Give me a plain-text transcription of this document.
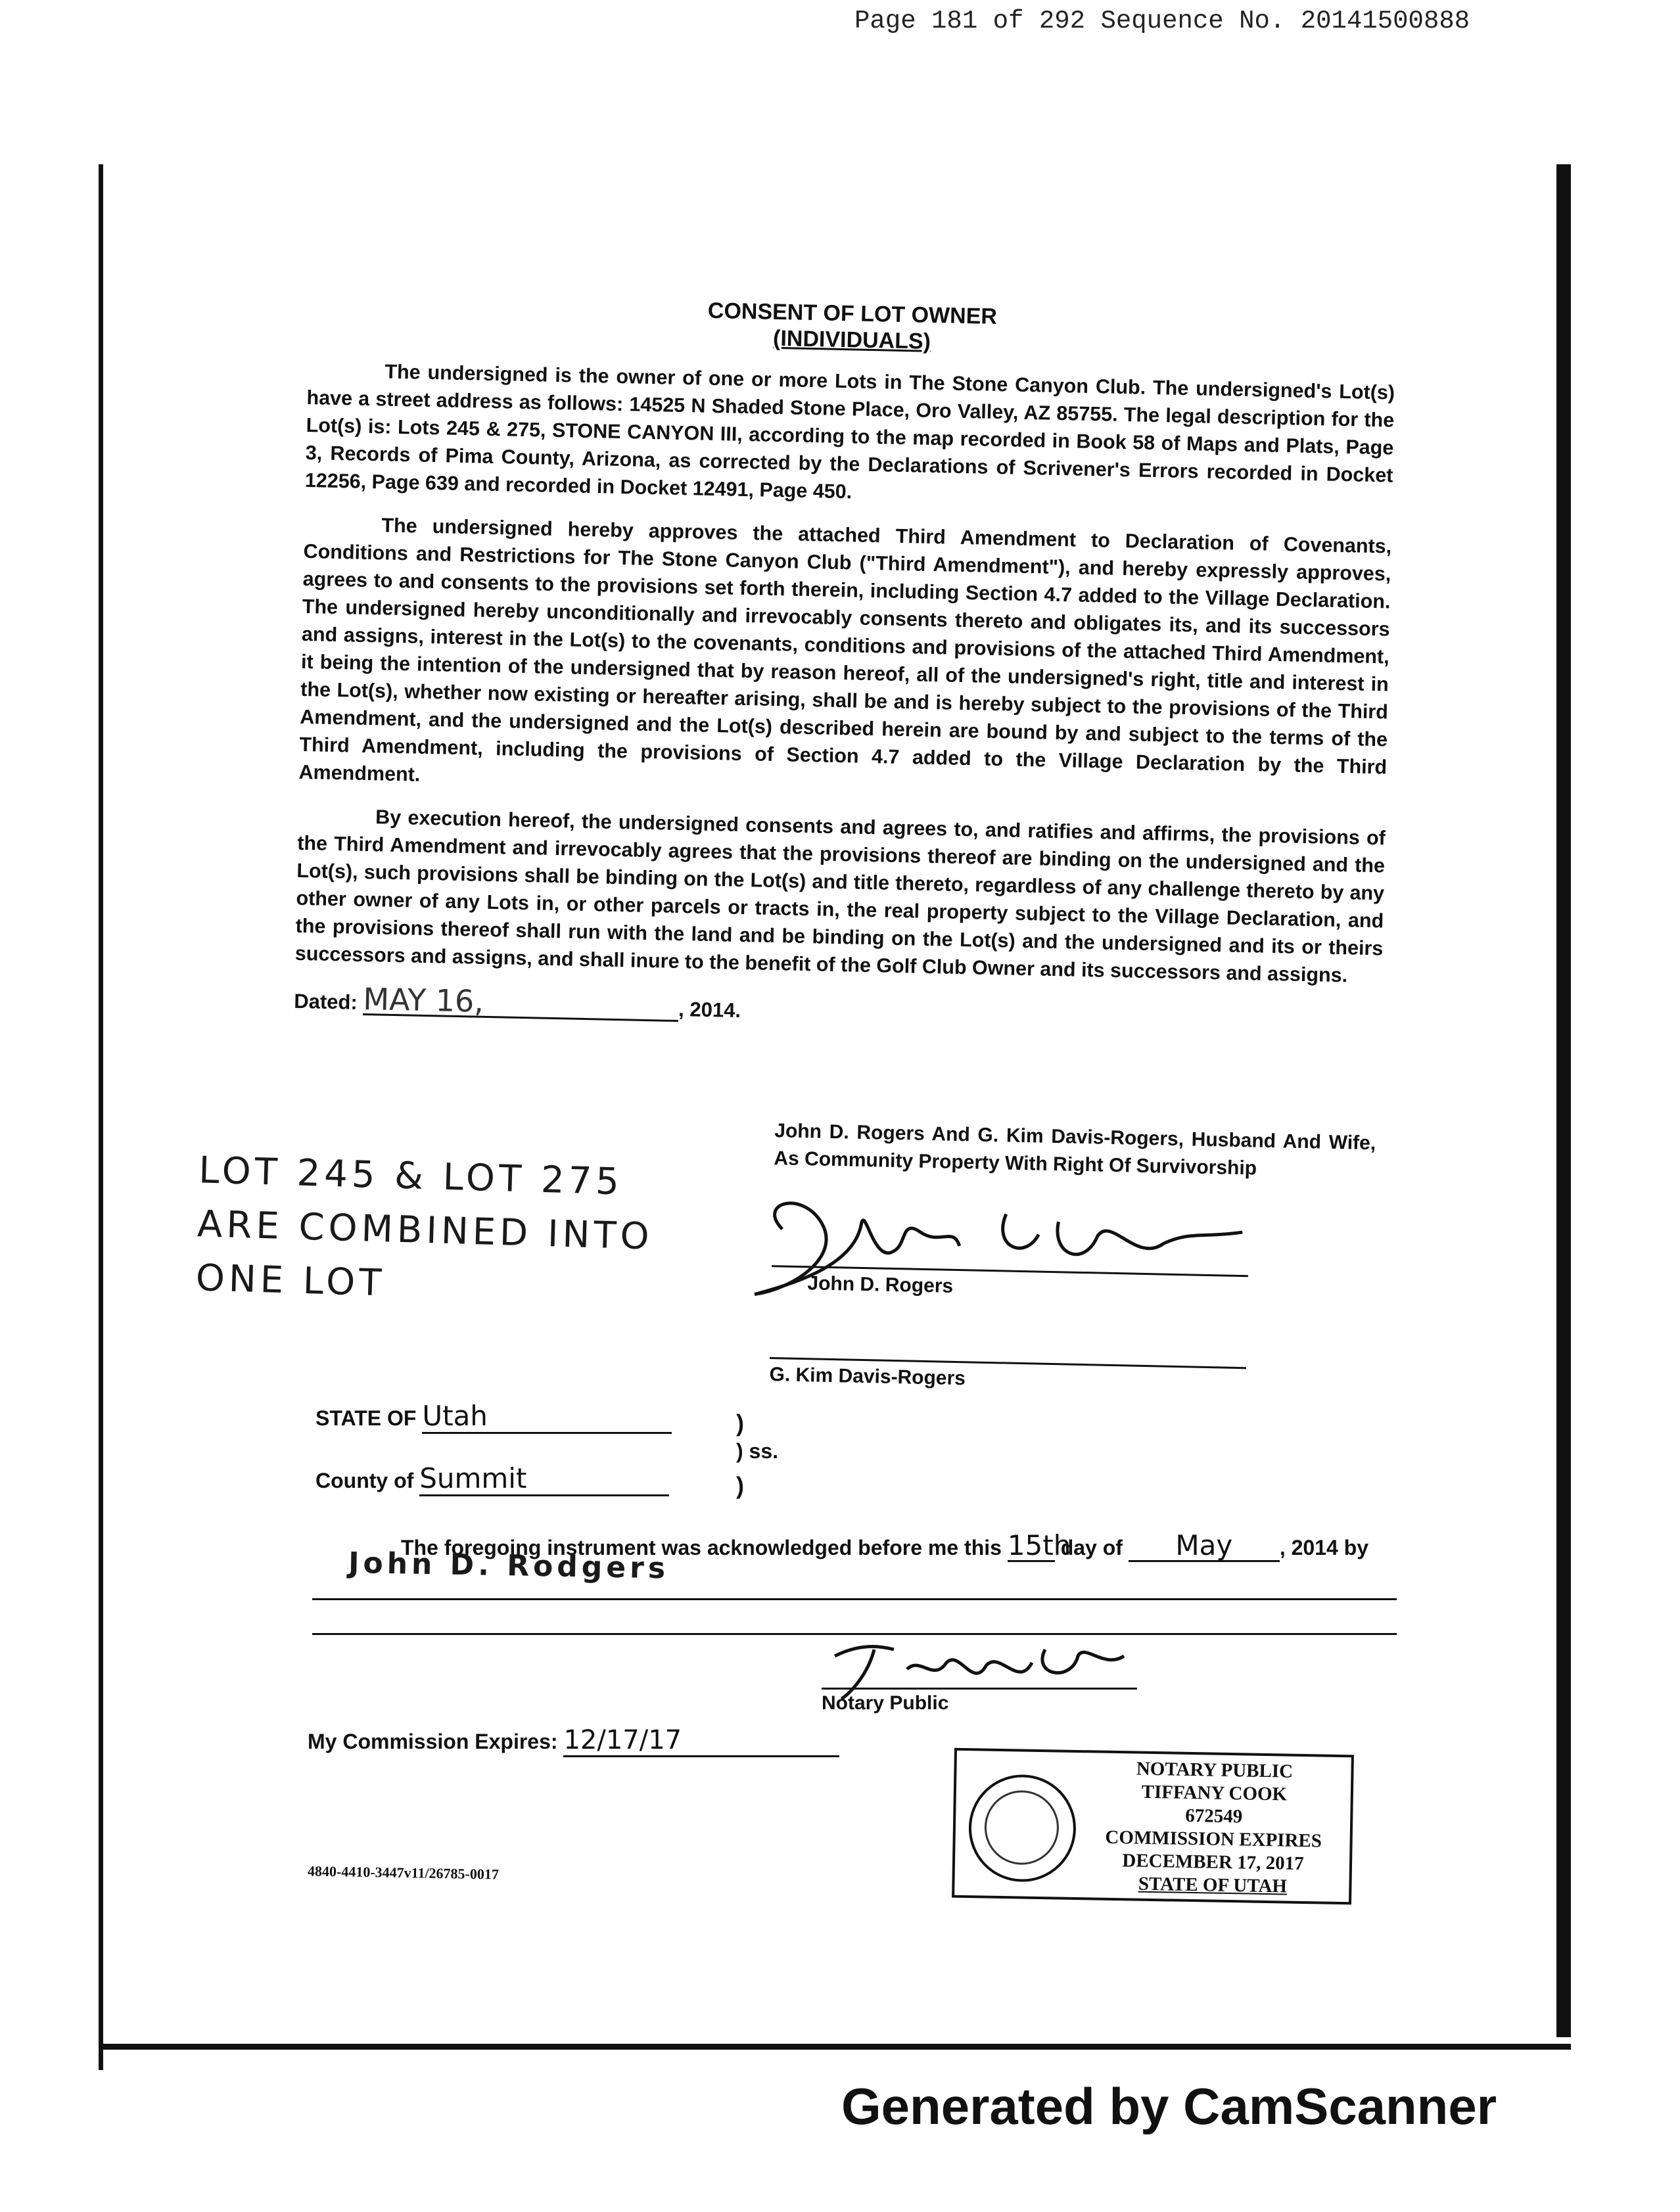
Page 181 of 292 Sequence No. 20141500888
CONSENT OF LOT OWNER
(INDIVIDUALS)

The undersigned is the owner of one or more Lots in The Stone Canyon Club. The undersigned's Lot(s) have a street address as follows: 14525 N Shaded Stone Place, Oro Valley, AZ 85755. The legal description for the Lot(s) is: Lots 245 & 275, STONE CANYON III, according to the map recorded in Book 58 of Maps and Plats, Page 3, Records of Pima County, Arizona, as corrected by the Declarations of Scrivener's Errors recorded in Docket 12256, Page 639 and recorded in Docket 12491, Page 450.

The undersigned hereby approves the attached Third Amendment to Declaration of Covenants, Conditions and Restrictions for The Stone Canyon Club ("Third Amendment"), and hereby expressly approves, agrees to and consents to the provisions set forth therein, including Section 4.7 added to the Village Declaration. The undersigned hereby unconditionally and irrevocably consents thereto and obligates its, and its successors and assigns, interest in the Lot(s) to the covenants, conditions and provisions of the attached Third Amendment, it being the intention of the undersigned that by reason hereof, all of the undersigned's right, title and interest in the Lot(s), whether now existing or hereafter arising, shall be and is hereby subject to the provisions of the Third Amendment, and the undersigned and the Lot(s) described herein are bound by and subject to the terms of the Third Amendment, including the provisions of Section 4.7 added to the Village Declaration by the Third Amendment.

By execution hereof, the undersigned consents and agrees to, and ratifies and affirms, the provisions of the Third Amendment and irrevocably agrees that the provisions thereof are binding on the undersigned and the Lot(s), such provisions shall be binding on the Lot(s) and title thereto, regardless of any challenge thereto by any other owner of any Lots in, or other parcels or tracts in, the real property subject to the Village Declaration, and the provisions thereof shall run with the land and be binding on the Lot(s) and the undersigned and its or theirs successors and assigns, and shall inure to the benefit of the Golf Club Owner and its successors and assigns.

Dated: MAY 16,	, 2014.
John D. Rogers And G. Kim Davis-Rogers, Husband And Wife, As Community Property With Right Of Survivorship
John D. Rogers
G. Kim Davis-Rogers
LOT 245 & LOT 275
ARE COMBINED INTO
ONE LOT
STATE OF Utah	)
) ss.
)
County of Summit
The foregoing instrument was acknowledged before me this 15th day of May , 2014 by
John D. Rodgers
Notary Public
My Commission Expires: 12/17/17
4840-4410-3447v11/26785-0017
NOTARY PUBLIC
TIFFANY COOK
672549
COMMISSION EXPIRES
DECEMBER 17, 2017
STATE OF UTAH
Generated by CamScanner
